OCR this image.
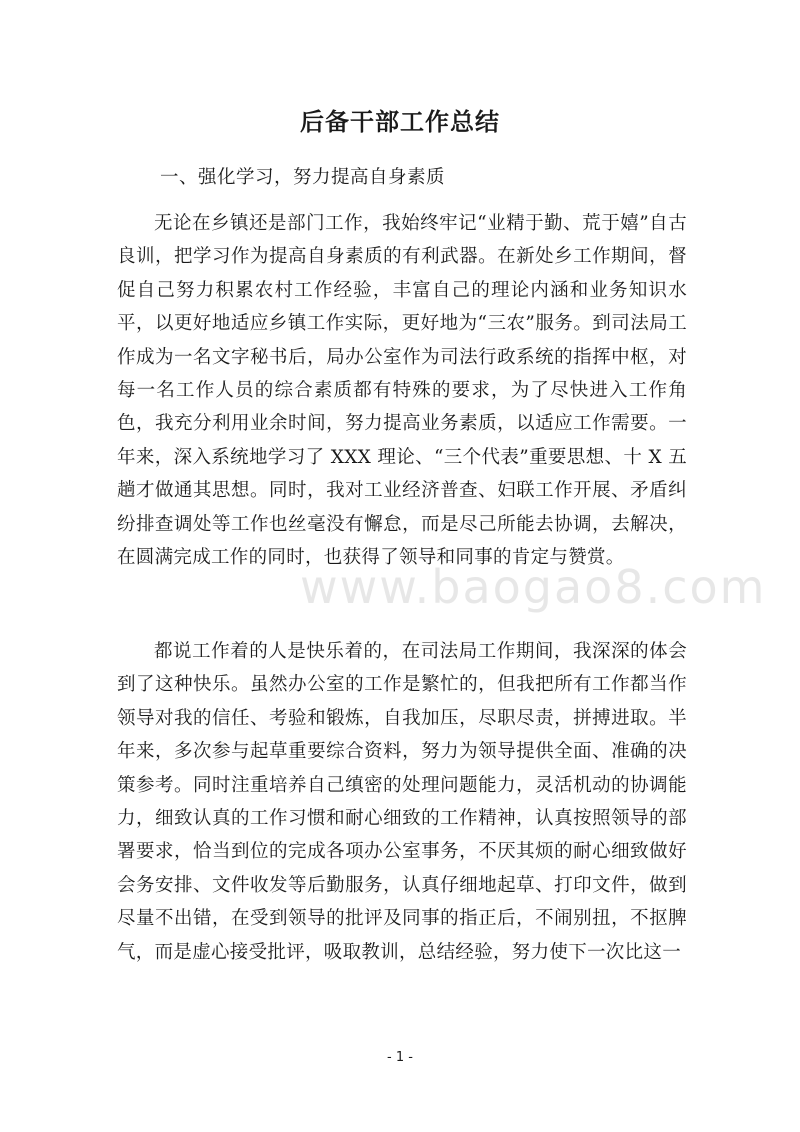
后备干部工作总结
一、强化学习，努力提高自身素质

无论在乡镇还是部门工作，我始终牢记“业精于勤、荒于嬉”自古良训，把学习作为提高自身素质的有利武器。在新处乡工作期间，督促自己努力积累农村工作经验，丰富自己的理论内涵和业务知识水平，以更好地适应乡镇工作实际，更好地为“三农”服务。到司法局工作成为一名文字秘书后，局办公室作为司法行政系统的指挥中枢，对每一名工作人员的综合素质都有特殊的要求，为了尽快进入工作角色，我充分利用业余时间，努力提高业务素质，以适应工作需要。一年来，深入系统地学习了 XXX 理论、“三个代表”重要思想、十 X 五趟才做通其思想。同时，我对工业经济普查、妇联工作开展、矛盾纠纷排查调处等工作也丝毫没有懈怠，而是尽己所能去协调，去解决，在圆满完成工作的同时，也获得了领导和同事的肯定与赞赏。

都说工作着的人是快乐着的，在司法局工作期间，我深深的体会到了这种快乐。虽然办公室的工作是繁忙的，但我把所有工作都当作领导对我的信任、考验和锻炼，自我加压，尽职尽责，拼搏进取。半年来，多次参与起草重要综合资料，努力为领导提供全面、准确的决策参考。同时注重培养自己缜密的处理问题能力，灵活机动的协调能力，细致认真的工作习惯和耐心细致的工作精神，认真按照领导的部署要求，恰当到位的完成各项办公室事务，不厌其烦的耐心细致做好会务安排、文件收发等后勤服务，认真仔细地起草、打印文件，做到尽量不出错，在受到领导的批评及同事的指正后，不闹别扭，不抠脾气，而是虚心接受批评，吸取教训，总结经验，努力使下一次比这一

www.baogao8.com
- 1 -
